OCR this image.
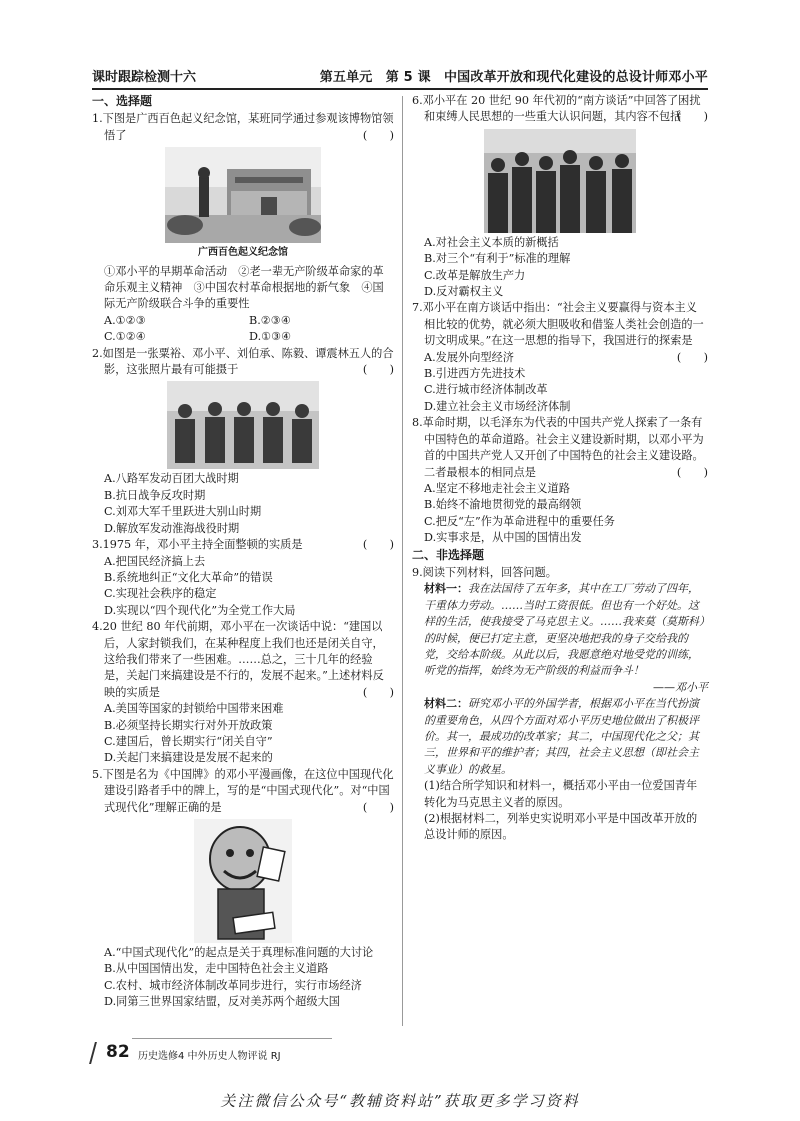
课时跟踪检测十六	第五单元　第 5 课　中国改革开放和现代化建设的总设计师邓小平
一、选择题
1.下图是广西百色起义纪念馆，某班同学通过参观该博物馆领悟了	(　　)
广西百色起义纪念馆
①邓小平的早期革命活动　②老一辈无产阶级革命家的革命乐观主义精神　③中国农村革命根据地的新气象　④国际无产阶级联合斗争的重要性
A.①②③	B.②③④
C.①②④	D.①③④
2.如图是一张粟裕、邓小平、刘伯承、陈毅、谭震林五人的合影，这张照片最有可能摄于	(　　)
A.八路军发动百团大战时期
B.抗日战争反攻时期
C.刘邓大军千里跃进大别山时期
D.解放军发动淮海战役时期
3.1975 年，邓小平主持全面整顿的实质是	(　　)
A.把国民经济搞上去
B.系统地纠正“文化大革命”的错误
C.实现社会秩序的稳定
D.实现以“四个现代化”为全党工作大局
4.20 世纪 80 年代前期，邓小平在一次谈话中说：“建国以后，人家封锁我们，在某种程度上我们也还是闭关自守，这给我们带来了一些困难。……总之，三十几年的经验是，关起门来搞建设是不行的，发展不起来。”上述材料反映的实质是	(　　)
A.美国等国家的封锁给中国带来困难
B.必须坚持长期实行对外开放政策
C.建国后，曾长期实行“闭关自守”
D.关起门来搞建设是发展不起来的
5.下图是名为《中国牌》的邓小平漫画像，在这位中国现代化建设引路者手中的牌上，写的是“中国式现代化”。对“中国式现代化”理解正确的是	(　　)
A.“中国式现代化”的起点是关于真理标准问题的大讨论
B.从中国国情出发，走中国特色社会主义道路
C.农村、城市经济体制改革同步进行，实行市场经济
D.同第三世界国家结盟，反对美苏两个超级大国
6.邓小平在 20 世纪 90 年代初的“南方谈话”中回答了困扰和束缚人民思想的一些重大认识问题，其内容不包括
(　　)
A.对社会主义本质的新概括
B.对三个“有利于”标准的理解
C.改革是解放生产力
D.反对霸权主义
7.邓小平在南方谈话中指出：“社会主义要赢得与资本主义相比较的优势，就必须大胆吸收和借鉴人类社会创造的一切文明成果。”在这一思想的指导下，我国进行的探索是
(　　)
A.发展外向型经济
B.引进西方先进技术
C.进行城市经济体制改革
D.建立社会主义市场经济体制
8.革命时期，以毛泽东为代表的中国共产党人探索了一条有中国特色的革命道路。社会主义建设新时期，以邓小平为首的中国共产党人又开创了中国特色的社会主义建设路。二者最根本的相同点是	(　　)
A.坚定不移地走社会主义道路
B.始终不渝地贯彻党的最高纲领
C.把反“左”作为革命进程中的重要任务
D.实事求是，从中国的国情出发
二、非选择题
9.阅读下列材料，回答问题。
材料一：我在法国待了五年多，其中在工厂劳动了四年，干重体力劳动。……当时工资很低。但也有一个好处。这样的生活，使我接受了马克思主义。……我来莫（莫斯科）的时候，便已打定主意，更坚决地把我的身子交给我的党，交给本阶级。从此以后，我愿意绝对地受党的训练，听党的指挥，始终为无产阶级的利益而争斗！
——邓小平
材料二：研究邓小平的外国学者，根据邓小平在当代扮演的重要角色，从四个方面对邓小平历史地位做出了积极评价。其一，最成功的改革家；其二，中国现代化之父；其三，世界和平的维护者；其四，社会主义思想（即社会主义事业）的救星。
(1)结合所学知识和材料一，概括邓小平由一位爱国青年转化为马克思主义者的原因。
(2)根据材料二，列举史实说明邓小平是中国改革开放的总设计师的原因。
82 历史选修4 中外历史人物评说 RJ
关注微信公众号“教辅资料站”获取更多学习资料
